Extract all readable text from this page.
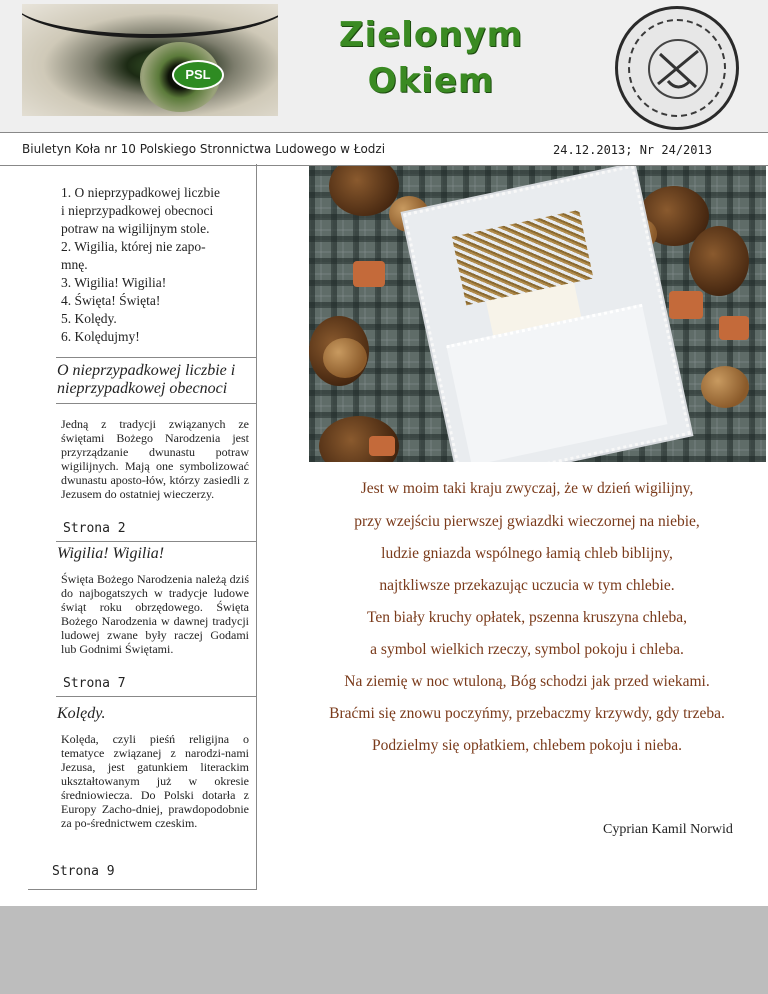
PSL
Zielonym
Okiem
Biuletyn Koła nr 10 Polskiego Stronnictwa Ludowego w Łodzi	24.12.2013; Nr 24/2013
1. O nieprzypadkowej liczbie
i nieprzypadkowej obecnoci
potraw na wigilijnym stole.
2. Wigilia, której nie zapo-
mnę.
3. Wigilia! Wigilia!
4. Święta! Święta!
5. Kolędy.
6. Kolędujmy!
O nieprzypadkowej liczbie i nieprzypadkowej obecnoci
Jedną z tradycji związanych ze świętami Bożego Narodzenia jest przyrządzanie dwunastu potraw wigilijnych. Mają one symbolizować dwunastu aposto-łów, którzy zasiedli z Jezusem do ostatniej wieczerzy.
Strona 2
Wigilia! Wigilia!
Święta Bożego Narodzenia należą dziś do najbogatszych w tradycje ludowe świąt roku obrzędowego. Święta Bożego Narodzenia w dawnej tradycji ludowej zwane były raczej Godami lub Godnimi Świętami.
Strona 7
Kolędy.
Kolęda, czyli pieśń religijna o tematyce związanej z narodzi-nami Jezusa, jest gatunkiem literackim ukształtowanym już w okresie średniowiecza. Do Polski dotarła z Europy Zacho-dniej, prawdopodobnie za po-średnictwem czeskim.
Strona 9
Jest w moim taki kraju zwyczaj, że w dzień wigilijny,
przy wzejściu pierwszej gwiazdki wieczornej na niebie,
ludzie gniazda wspólnego łamią chleb biblijny,
najtkliwsze przekazując uczucia w tym chlebie.
Ten biały kruchy opłatek, pszenna kruszyna chleba,
a symbol wielkich rzeczy, symbol pokoju i chleba.
Na ziemię w noc wtuloną, Bóg schodzi jak przed wiekami.
Braćmi się znowu poczyńmy, przebaczmy krzywdy, gdy trzeba.
Podzielmy się opłatkiem, chlebem pokoju i nieba.
Cyprian Kamil Norwid
